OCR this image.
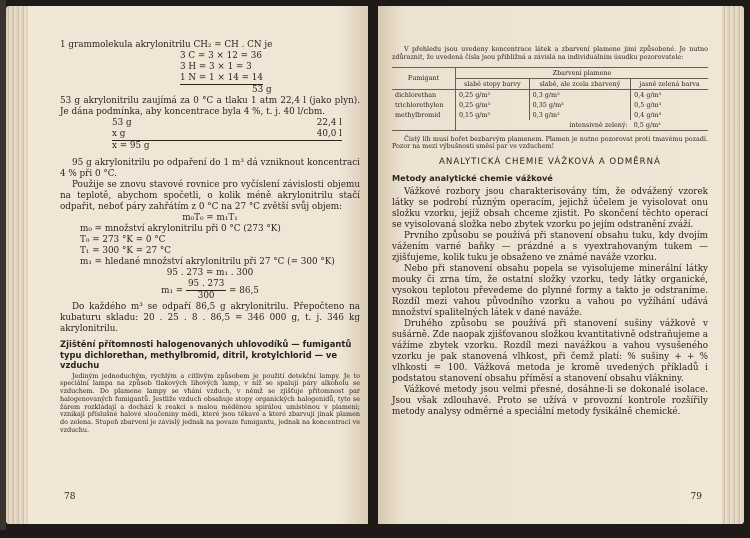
1 grammolekula akrylonitrilu CH₂ = CH . CN je

3 C = 3 × 12 = 36
3 H = 3 × 1 = 3
1 N = 1 × 14 = 14
53 g

53 g akrylonitrilu zaujímá za 0 °C a tlaku 1 atm 22,4 l (jako plyn). Je dána podmínka, aby koncentrace byla 4 %, t. j. 40 l/cbm.

53 g	22,4 l
x g	40,0 l
x = 95 g

95 g akrylonitrilu po odpaření do 1 m³ dá vzniknout koncentraci 4 % při 0 °C.

Použije se znovu stavové rovnice pro vyčíslení závislosti objemu na teplotě, abychom spočetli, o kolik méně akrylonitrilu stačí odpařit, neboť páry zahřátím z 0 °C na 27 °C zvětší svůj objem:

m₀T₀ = m₁T₁
m₀ = množství akrylonitrilu při 0 °C (273 °K)
T₀ = 273 °K = 0 °C
T₁ = 300 °K = 27 °C
m₁ = hledané množství akrylonitrilu při 27 °C (= 300 °K)
95 . 273 = m₁ . 300
$m_1 = \frac{95 . 273}{300} = 86,5$

Do každého m³ se odpaří 86,5 g akrylonitrilu. Přepočteno na kubaturu skladu: 20 . 25 . 8 . 86,5 = 346 000 g, t. j. 346 kg akrylonitrilu.

Zjištění přítomnosti halogenovaných uhlovodíků — fumigantů typu dichlorethan, methylbromid, ditril, krotylchlorid — ve vzduchu

Jediným jednoduchým, rychlým a citlivým způsobem je použití detekční lampy. Je to speciální lampa na způsob tlakových lihových lamp, v níž se spalují páry alkoholu se vzduchem. Do plamene lampy se vhání vzduch, v němž se zjišťuje přítomnost par halogenovaných fumigantů. Jestliže vzduch obsahuje stopy organických halogenidů, tyto se žárem rozkládají a dochází k reakci s malou měděnou spirálou umístěnou v plameni; vznikají příslušné halové sloučeniny mědi, které jsou těkavé a které zbarvují jinak plamen do zelena. Stupeň zbarvení je závislý jednak na povaze fumigantu, jednak na koncentraci ve vzduchu.

78

V přehledu jsou uvedeny koncentrace látek a zbarvení plamene jimi způsobené. Je nutno zdůraznit, že uvedená čísla jsou přibližná a závislá na individuálním úsudku pozorovatele:

Fumigant	Zbarvení plamene		
	slabé stopy barvy	slabě, ale zcela zbarvený	jasně zelená barva
dichlorethan	0,25 g/m³	0,3 g/m³	0,4 g/m³
trichlorethylen	0,25 g/m³	0,35 g/m³	0,5 g/m³
methylbromid	0,15 g/m³	0,3 g/m³	0,4 g/m³
	intensivně zelený:		0,5 g/m³

Čistý líh musí hořet bezbarvým plamenem. Plamen je nutno pozorovat proti tmavému pozadí. Pozor na mezi výbušnosti směsí par ve vzduchem!

ANALYTICKÁ CHEMIE VÁŽKOVÁ A ODMĚRNÁ
Metody analytické chemie vážkové

Vážkové rozbory jsou charakterisovány tím, že odvážený vzorek látky se podrobí různým operacím, jejichž účelem je vyisolovat onu složku vzorku, jejíž obsah chceme zjistit. Po skončení těchto operací se vyisolovaná složka nebo zbytek vzorku po jejím odstranění zváží.

Prvního způsobu se používá při stanovení obsahu tuku, kdy dvojím vážením varné baňky — prázdné a s vyextrahovaným tukem — zjišťujeme, kolik tuku je obsaženo ve známé naváže vzorku.

Nebo při stanovení obsahu popela se vyisolujeme minerální látky mouky či zrna tím, že ostatní složky vzorku, tedy látky organické, vysokou teplotou převedeme do plynné formy a takto je odstraníme. Rozdíl mezi vahou původního vzorku a vahou po vyžíhání udává množství spalitelných látek v dané naváže.

Druhého způsobu se používá při stanovení sušiny vážkově v sušárně. Zde naopak zjišťovanou složkou kvantitativně odstraňujeme a vážíme zbytek vzorku. Rozdíl mezi navážkou a vahou vysušeného vzorku je pak stanovená vlhkost, při čemž platí: % sušiny + + % vlhkosti = 100. Vážková metoda je kromě uvedených příkladů i podstatou stanovení obsahu příměsí a stanovení obsahu vlákniny.

Vážkové metody jsou velmi přesné, dosáhne-li se dokonalé isolace. Jsou však zdlouhavé. Proto se užívá v provozní kontrole rozšířily metody analysy odměrné a speciální metody fysikálně chemické.

79
